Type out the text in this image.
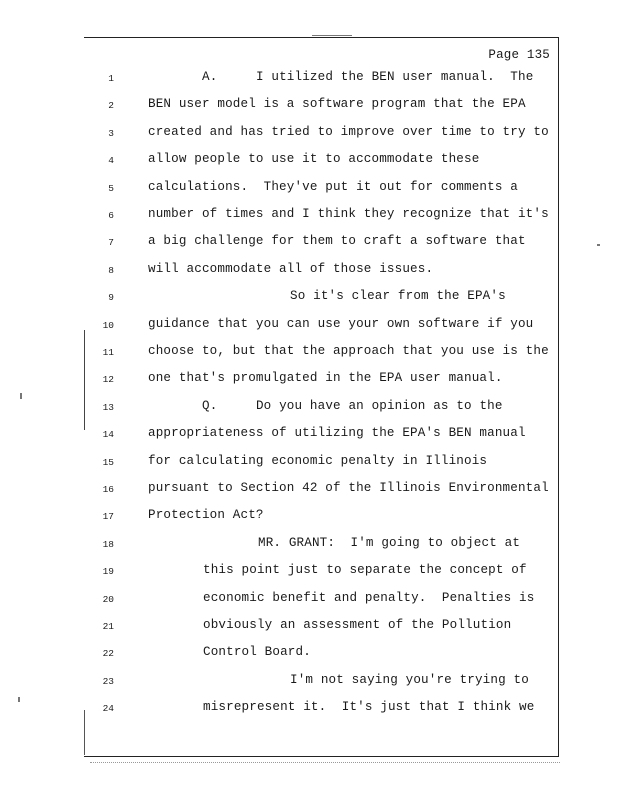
Page 135
1	A.     I utilized the BEN user manual.  The
2	BEN user model is a software program that the EPA
3	created and has tried to improve over time to try to
4	allow people to use it to accommodate these
5	calculations.  They've put it out for comments a
6	number of times and I think they recognize that it's
7	a big challenge for them to craft a software that
8	will accommodate all of those issues.
9	So it's clear from the EPA's
10	guidance that you can use your own software if you
11	choose to, but that the approach that you use is the
12	one that's promulgated in the EPA user manual.
13	Q.     Do you have an opinion as to the
14	appropriateness of utilizing the EPA's BEN manual
15	for calculating economic penalty in Illinois
16	pursuant to Section 42 of the Illinois Environmental
17	Protection Act?
18	MR. GRANT:  I'm going to object at
19	this point just to separate the concept of
20	economic benefit and penalty.  Penalties is
21	obviously an assessment of the Pollution
22	Control Board.
23	I'm not saying you're trying to
24	misrepresent it.  It's just that I think we
